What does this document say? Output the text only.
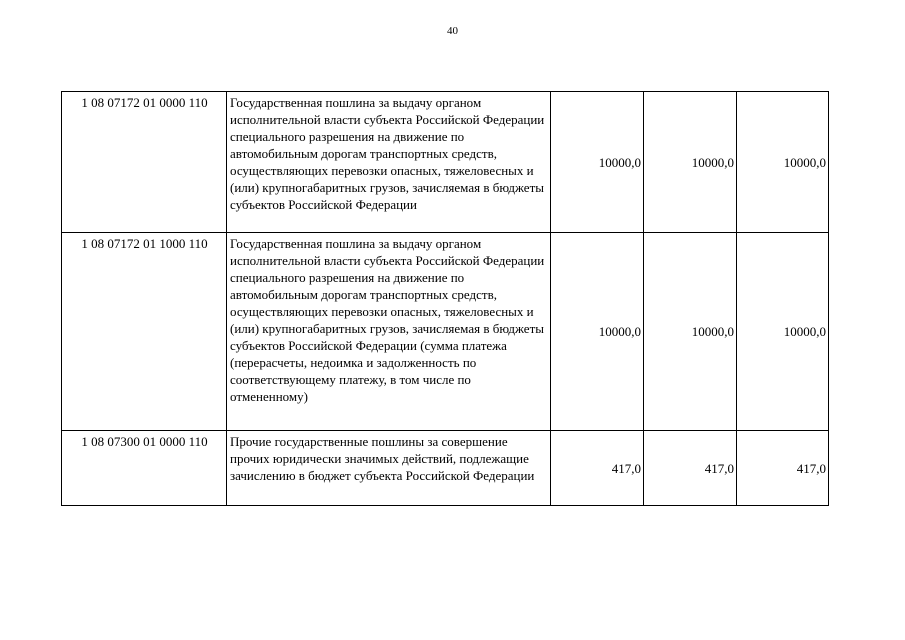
40
1 08 07172 01 0000 110	Государственная пошлина за выдачу органом исполнительной власти субъекта Российской Федерации специального разрешения на движение по автомобильным дорогам транспортных средств, осуществляющих перевозки опасных, тяжеловесных и (или) крупногабаритных грузов, зачисляемая в бюджеты субъектов Российской Федерации	10000,0	10000,0	10000,0
1 08 07172 01 1000 110	Государственная пошлина за выдачу органом исполнительной власти субъекта Российской Федерации специального разрешения на движение по автомобильным дорогам транспортных средств, осуществляющих перевозки опасных, тяжеловесных и (или) крупногабаритных грузов, зачисляемая в бюджеты субъектов Российской Федерации (сумма платежа (перерасчеты, недоимка и задолженность по соответствующему платежу, в том числе по отмененному)	10000,0	10000,0	10000,0
1 08 07300 01 0000 110	Прочие государственные пошлины за совершение прочих юридически значимых действий, подлежащие зачислению в бюджет субъекта Российской Федерации	417,0	417,0	417,0
